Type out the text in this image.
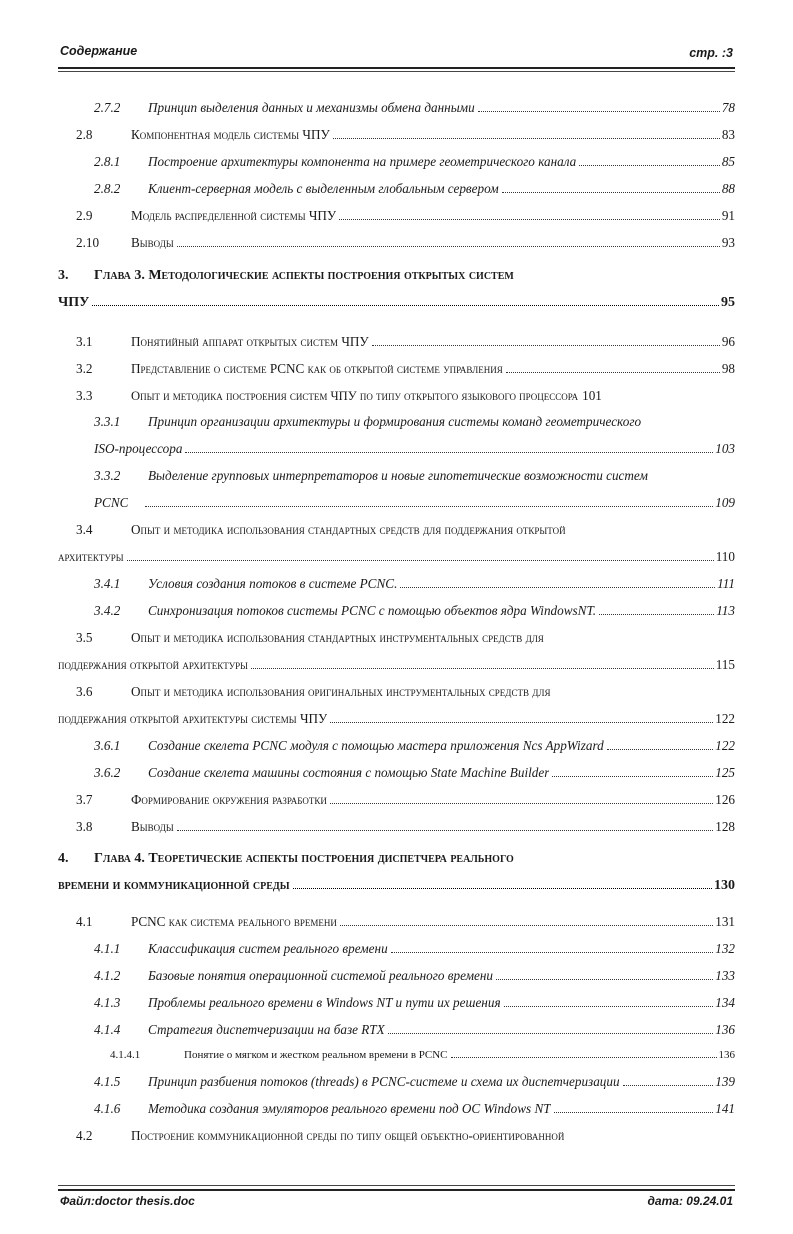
Содержание	стр. :3
2.7.2	Принцип выделения данных и механизмы обмена данными	78
2.8	Компонентная модель системы ЧПУ	83
2.8.1	Построение архитектуры компонента на примере геометрического канала	85
2.8.2	Клиент-серверная модель с выделенным глобальным сервером	88
2.9	Модель распределенной системы ЧПУ	91
2.10	Выводы	93
3. Глава 3. Методологические аспекты построения открытых систем
ЧПУ	95
3.1	Понятийный аппарат открытых систем ЧПУ	96
3.2	Представление о системе PCNC как об открытой системе управления	98
3.3	Опыт и методика построения систем ЧПУ по типу открытого языкового процессора 101
3.3.1 Принцип организации архитектуры и формирования системы команд геометрического
ISO-процессора	103
3.3.2 Выделение групповых интерпретаторов и новые гипотетические возможности систем
PCNC	109
3.4	Опыт и методика использования стандартных средств для поддержания открытой
архитектуры	110
3.4.1	Условия создания потоков в системе PCNC.	111
3.4.2	Синхронизация потоков системы PCNC с помощью объектов ядра WindowsNT.	113
3.5	Опыт и методика использования стандартных инструментальных средств для
поддержания открытой архитектуры	115
3.6	Опыт и методика использования оригинальных инструментальных средств для
поддержания открытой архитектуры системы ЧПУ	122
3.6.1	Создание скелета PCNC модуля с помощью мастера приложения Ncs AppWizard	122
3.6.2	Создание скелета машины состояния с помощью State Machine Builder	125
3.7	Формирование окружения разработки	126
3.8	Выводы	128
4. Глава 4. Теоретические аспекты построения диспетчера реального
времени и коммуникационной среды	130
4.1	PCNC как система реального времени	131
4.1.1	Классификация систем реального времени	132
4.1.2	Базовые понятия операционной системой реального времени	133
4.1.3	Проблемы реального времени в Windows NT и пути их решения	134
4.1.4	Стратегия диспетчеризации на базе RTX	136
4.1.4.1	Понятие о мягком и жестком реальном времени в PCNC	136
4.1.5	Принцип разбиения потоков (threads) в PCNC-системе и схема их диспетчеризации	139
4.1.6	Методика создания эмуляторов реального времени под ОС Windows NT	141
4.2	Построение коммуникационной среды по типу общей объектно-ориентированной
Файл:doctor thesis.doc	дата: 09.24.01
